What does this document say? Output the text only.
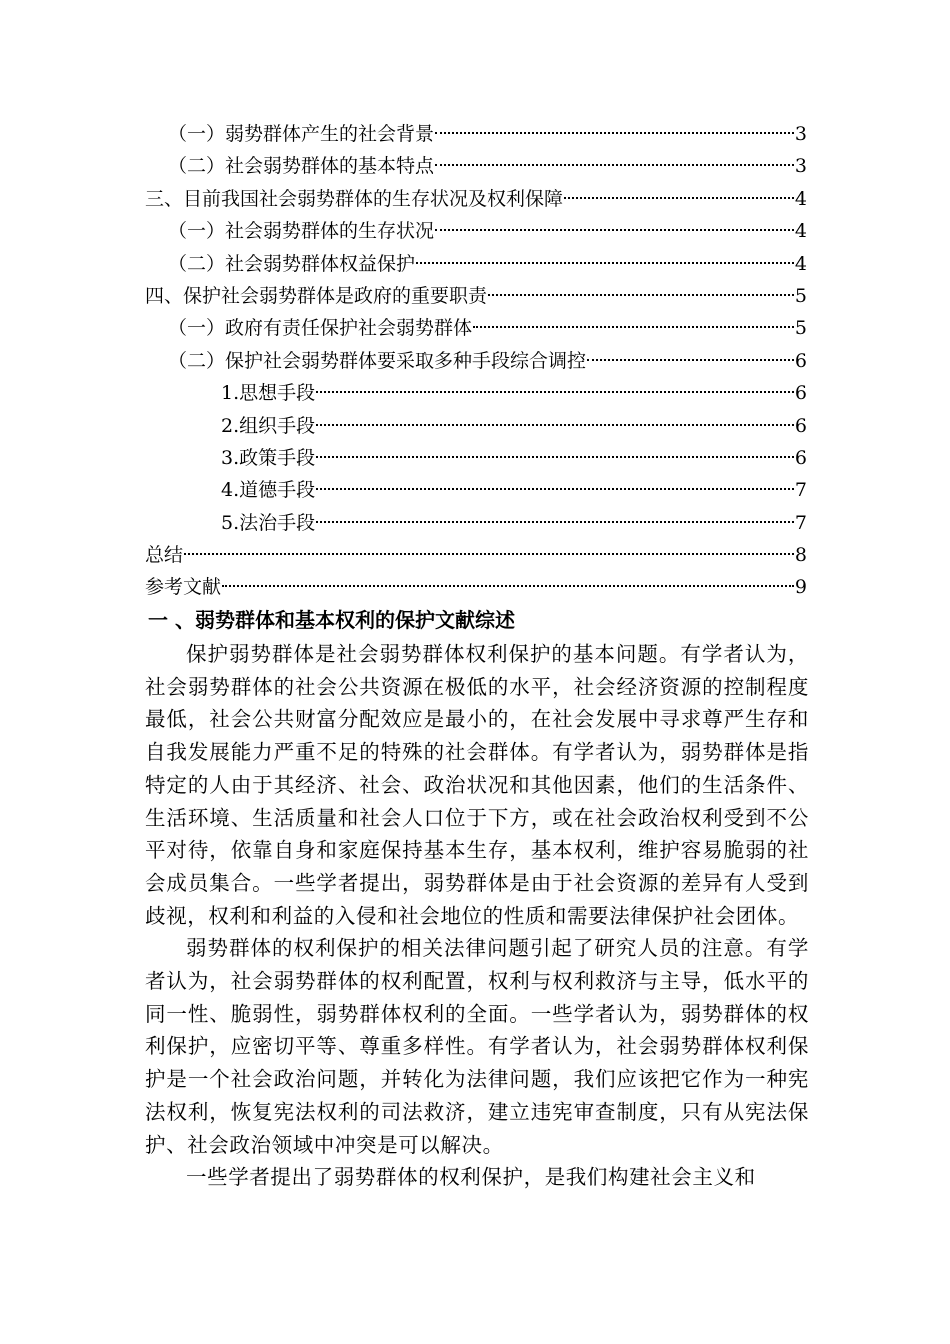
（一）弱势群体产生的社会背景	3
（二）社会弱势群体的基本特点	3
三、目前我国社会弱势群体的生存状况及权利保障	4
（一）社会弱势群体的生存状况	4
（二）社会弱势群体权益保护	4
四、保护社会弱势群体是政府的重要职责	5
（一）政府有责任保护社会弱势群体	5
（二）保护社会弱势群体要采取多种手段综合调控	6
1.思想手段	6
2.组织手段	6
3.政策手段	6
4.道德手段	7
5.法治手段	7
总结	8
参考文献	9
一 、弱势群体和基本权利的保护文献综述

保护弱势群体是社会弱势群体权利保护的基本问题。有学者认为，社会弱势群体的社会公共资源在极低的水平，社会经济资源的控制程度最低，社会公共财富分配效应是最小的，在社会发展中寻求尊严生存和自我发展能力严重不足的特殊的社会群体。有学者认为，弱势群体是指特定的人由于其经济、社会、政治状况和其他因素，他们的生活条件、生活环境、生活质量和社会人口位于下方，或在社会政治权利受到不公平对待，依靠自身和家庭保持基本生存，基本权利，维护容易脆弱的社会成员集合。一些学者提出，弱势群体是由于社会资源的差异有人受到歧视，权利和利益的入侵和社会地位的性质和需要法律保护社会团体。

弱势群体的权利保护的相关法律问题引起了研究人员的注意。有学者认为，社会弱势群体的权利配置，权利与权利救济与主导，低水平的同一性、脆弱性，弱势群体权利的全面。一些学者认为，弱势群体的权利保护，应密切平等、尊重多样性。有学者认为，社会弱势群体权利保护是一个社会政治问题，并转化为法律问题，我们应该把它作为一种宪法权利，恢复宪法权利的司法救济，建立违宪审查制度，只有从宪法保护、社会政治领域中冲突是可以解决。

一些学者提出了弱势群体的权利保护，是我们构建社会主义和
